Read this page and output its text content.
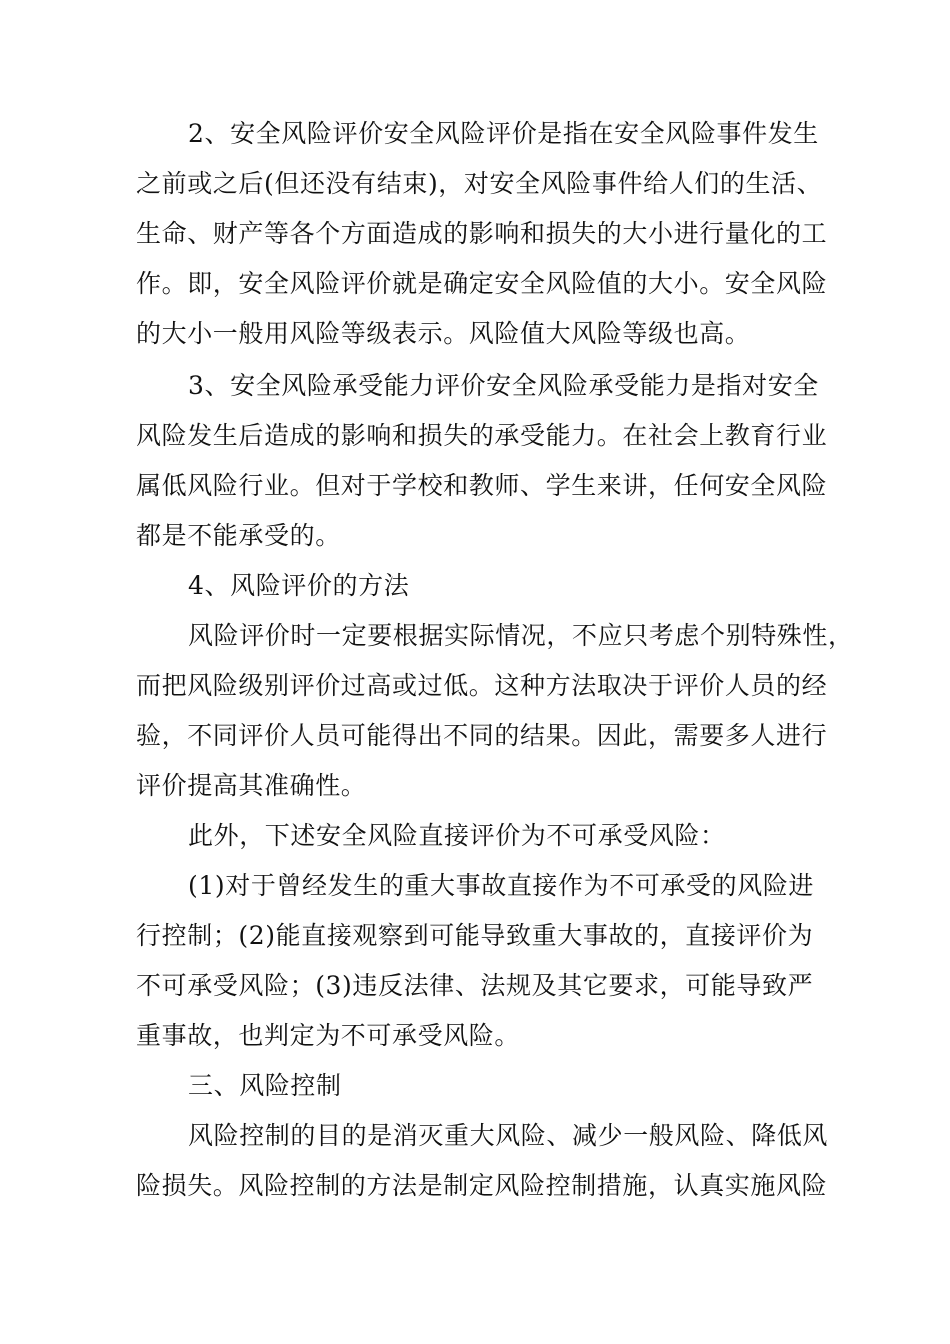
2、安全风险评价安全风险评价是指在安全风险事件发生
之前或之后(但还没有结束)，对安全风险事件给人们的生活、
生命、财产等各个方面造成的影响和损失的大小进行量化的工
作。即，安全风险评价就是确定安全风险值的大小。安全风险
的大小一般用风险等级表示。风险值大风险等级也高。
3、安全风险承受能力评价安全风险承受能力是指对安全
风险发生后造成的影响和损失的承受能力。在社会上教育行业
属低风险行业。但对于学校和教师、学生来讲，任何安全风险
都是不能承受的。
4、风险评价的方法
风险评价时一定要根据实际情况，不应只考虑个别特殊性，
而把风险级别评价过高或过低。这种方法取决于评价人员的经
验，不同评价人员可能得出不同的结果。因此，需要多人进行
评价提高其准确性。
此外，下述安全风险直接评价为不可承受风险：
(1)对于曾经发生的重大事故直接作为不可承受的风险进
行控制；(2)能直接观察到可能导致重大事故的，直接评价为
不可承受风险；(3)违反法律、法规及其它要求，可能导致严
重事故，也判定为不可承受风险。
三、风险控制
风险控制的目的是消灭重大风险、减少一般风险、降低风
险损失。风险控制的方法是制定风险控制措施，认真实施风险
